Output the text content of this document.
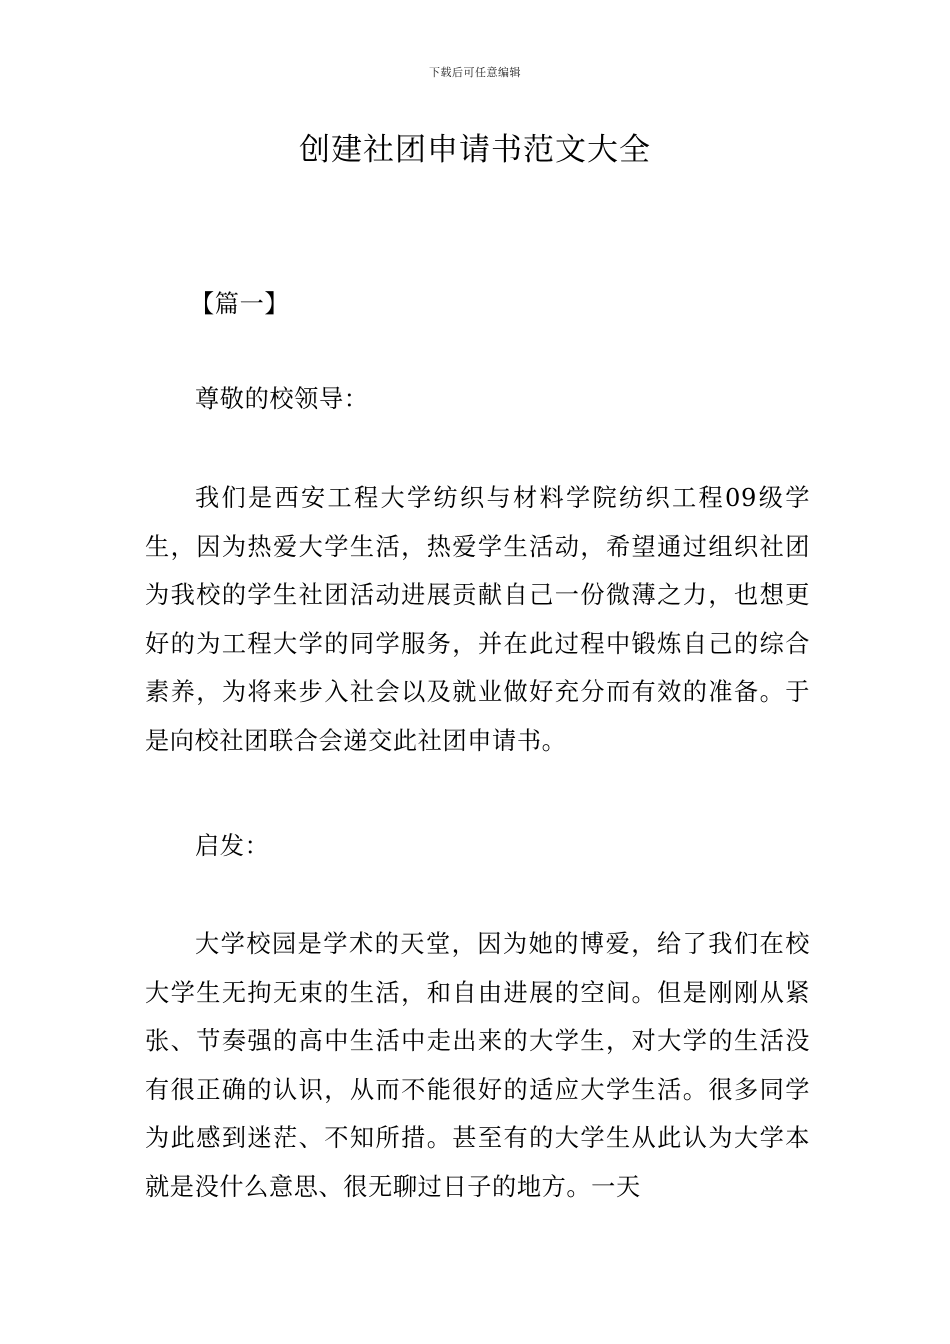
下载后可任意编辑
创建社团申请书范文大全

【篇一】

尊敬的校领导：

我们是西安工程大学纺织与材料学院纺织工程09级学生，因为热爱大学生活，热爱学生活动，希望通过组织社团为我校的学生社团活动进展贡献自己一份微薄之力，也想更好的为工程大学的同学服务，并在此过程中锻炼自己的综合素养，为将来步入社会以及就业做好充分而有效的准备。于是向校社团联合会递交此社团申请书。

启发：

大学校园是学术的天堂，因为她的博爱，给了我们在校大学生无拘无束的生活，和自由进展的空间。但是刚刚从紧张、节奏强的高中生活中走出来的大学生，对大学的生活没有很正确的认识，从而不能很好的适应大学生活。很多同学为此感到迷茫、不知所措。甚至有的大学生从此认为大学本就是没什么意思、很无聊过日子的地方。一天
